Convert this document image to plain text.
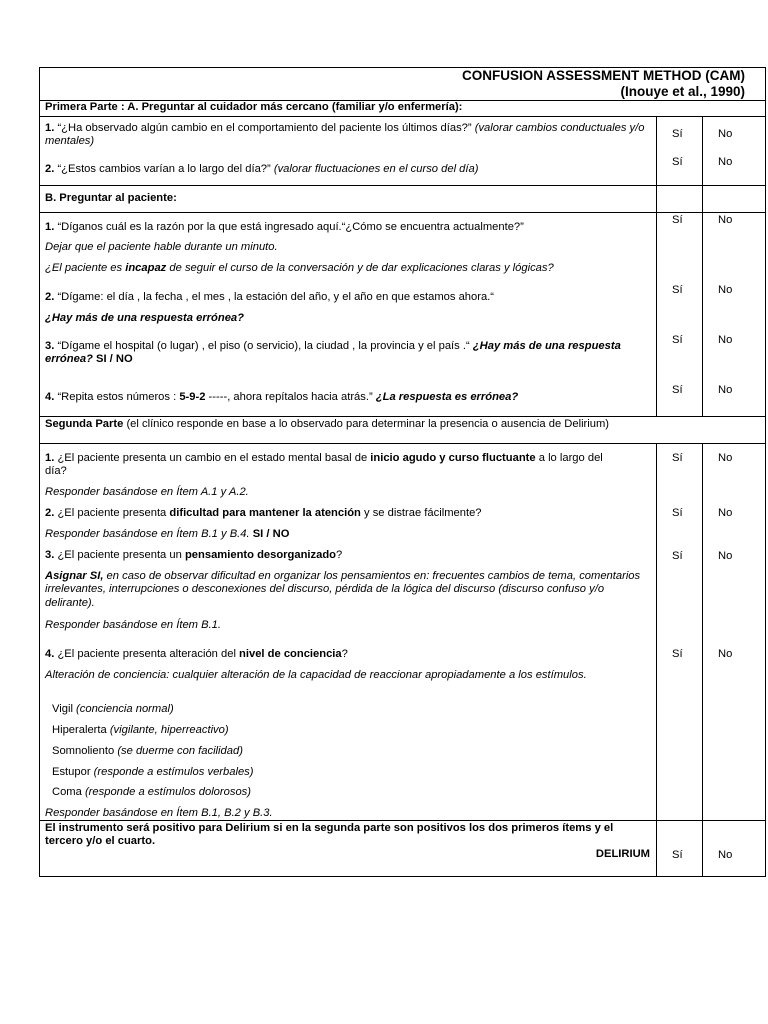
CONFUSION ASSESSMENT METHOD (CAM)
(Inouye et al., 1990)
Primera Parte : A. Preguntar al cuidador más cercano (familiar y/o enfermería):
1. “¿Ha observado algún cambio en el comportamiento del paciente los últimos días?” (valorar cambios conductuales y/o mentales)
Sí	No
2. “¿Estos cambios varían a lo largo del día?” (valorar fluctuaciones en el curso del día)
Sí	No
B. Preguntar al paciente:
1. “Díganos cuál es la razón por la que está ingresado aquí.“¿Cómo se encuentra actualmente?”
Dejar que el paciente hable durante un minuto.
¿El paciente es incapaz de seguir el curso de la conversación y de dar explicaciones claras y lógicas?
Sí	No
2. “Dígame: el día , la fecha , el mes , la estación del año, y el año en que estamos ahora.“
¿Hay más de una respuesta errónea?
Sí	No
3. “Dígame el hospital (o lugar) , el piso (o servicio), la ciudad , la provincia y el país .“ ¿Hay más de una respuesta errónea? SI / NO
Sí	No
4. “Repita estos números : 5-9-2 -----, ahora repítalos hacia atrás.” ¿La respuesta es errónea?
Sí	No
Segunda Parte (el clínico responde en base a lo observado para determinar la presencia o ausencia de Delirium)
1. ¿El paciente presenta un cambio en el estado mental basal de inicio agudo y curso fluctuante a lo largo del día?
Responder basándose en Ítem A.1 y A.2.
Sí	No
2. ¿El paciente presenta dificultad para mantener la atención y se distrae fácilmente?
Responder basándose en Ítem B.1 y B.4. SI / NO
Sí	No
3. ¿El paciente presenta un pensamiento desorganizado?
Asignar SI, en caso de observar dificultad en organizar los pensamientos en: frecuentes cambios de tema, comentarios irrelevantes, interrupciones o desconexiones del discurso, pérdida de la lógica del discurso (discurso confuso y/o delirante).
Responder basándose en Ítem B.1.
Sí	No
4. ¿El paciente presenta alteración del nivel de conciencia?
Alteración de conciencia: cualquier alteración de la capacidad de reaccionar apropiadamente a los estímulos.
Vigil (conciencia normal)
Hiperalerta (vigilante, hiperreactivo)
Somnoliento (se duerme con facilidad)
Estupor (responde a estímulos verbales)
Coma (responde a estímulos dolorosos)
Responder basándose en Ítem B.1, B.2 y B.3.
Sí	No
El instrumento será positivo para Delirium si en la segunda parte son positivos los dos primeros ítems y el tercero y/o el cuarto.
DELIRIUM Sí	No
